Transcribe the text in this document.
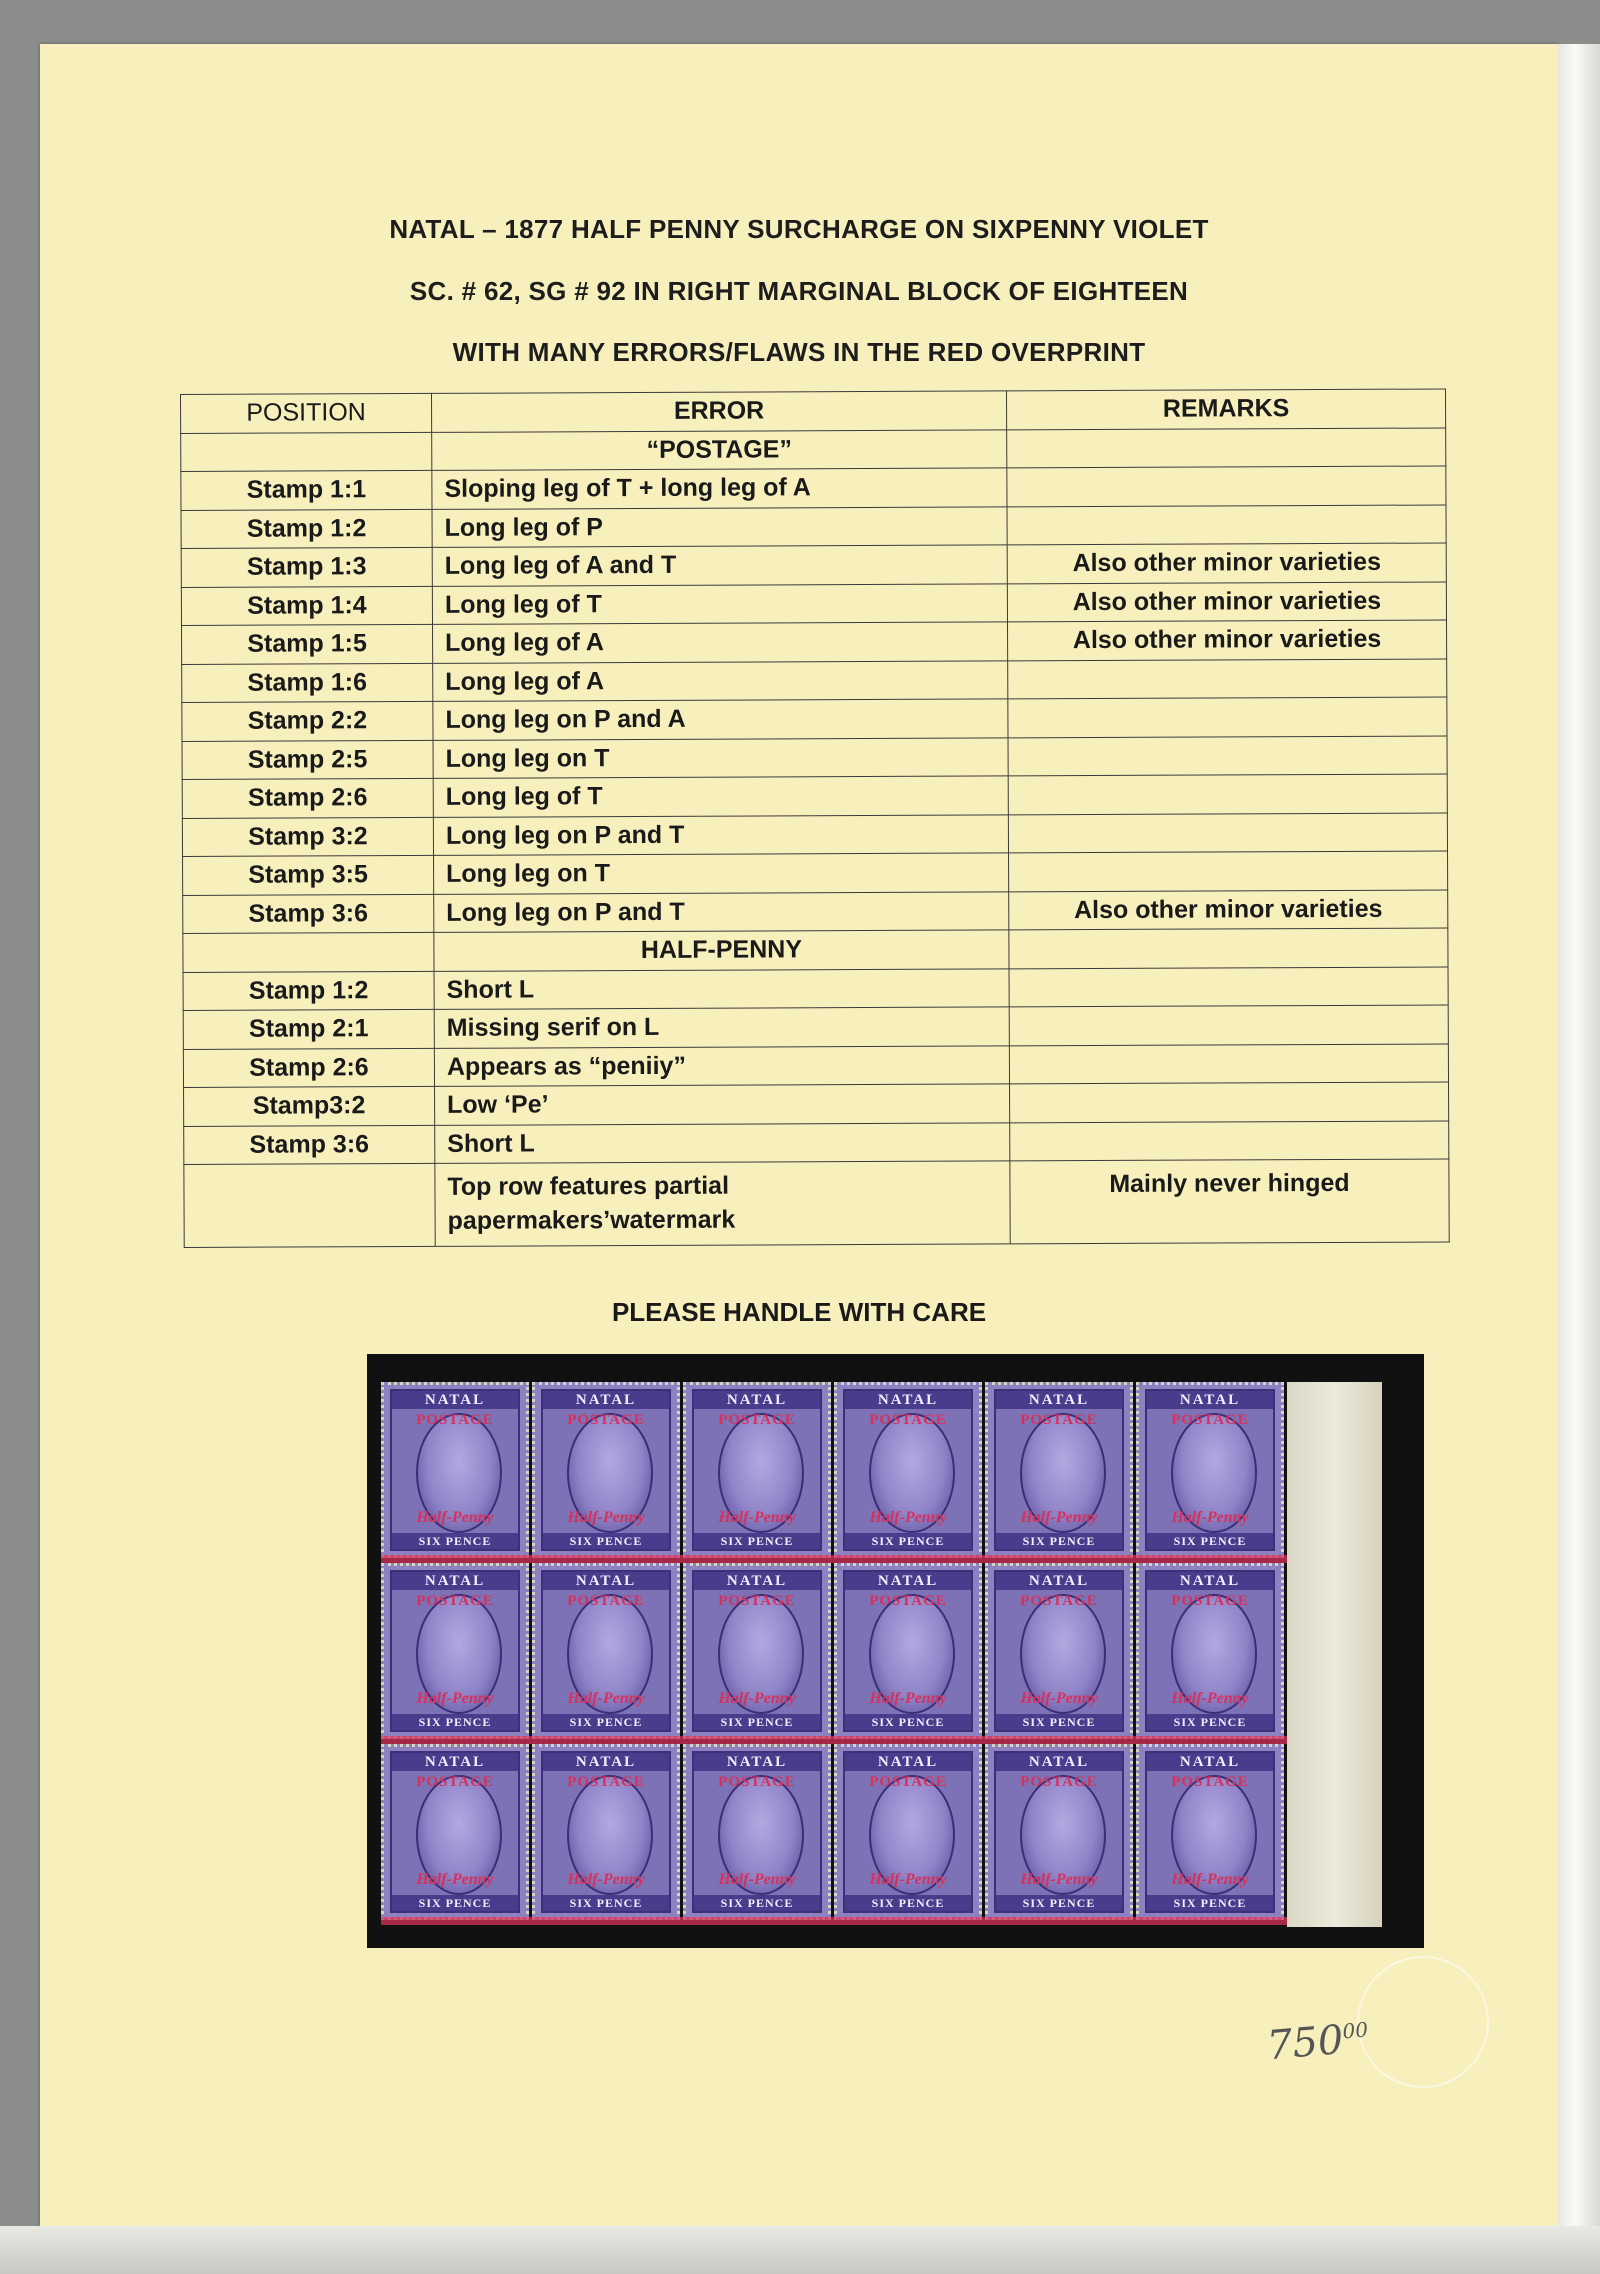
NATAL – 1877 HALF PENNY SURCHARGE ON SIXPENNY VIOLET
SC. # 62, SG # 92 IN RIGHT MARGINAL BLOCK OF EIGHTEEN
WITH MANY ERRORS/FLAWS IN THE RED OVERPRINT
POSITION	ERROR	REMARKS
	“POSTAGE”	
Stamp 1:1	Sloping leg of T + long leg of A	
Stamp 1:2	Long leg of P	
Stamp 1:3	Long leg of A and T	Also other minor varieties
Stamp 1:4	Long leg of T	Also other minor varieties
Stamp 1:5	Long leg of A	Also other minor varieties
Stamp 1:6	Long leg of A	
Stamp 2:2	Long leg on P and A	
Stamp 2:5	Long leg on T	
Stamp 2:6	Long leg of T	
Stamp 3:2	Long leg on P and T	
Stamp 3:5	Long leg on T	
Stamp 3:6	Long leg on P and T	Also other minor varieties
	HALF-PENNY	
Stamp 1:2	Short L	
Stamp 2:1	Missing serif on L	
Stamp 2:6	Appears as “peniiy”	
Stamp3:2	Low ‘Pe’	
Stamp 3:6	Short L	
	Top row features partial papermakers’watermark	Mainly never hinged
PLEASE HANDLE WITH CARE
NATAL
POSTAGE
Half-Penny
SIX PENCE
NATAL
POSTAGE
Half-Penny
SIX PENCE
NATAL
POSTAGE
Half-Penny
SIX PENCE
NATAL
POSTAGE
Half-Penny
SIX PENCE
NATAL
POSTAGE
Half-Penny
SIX PENCE
NATAL
POSTAGE
Half-Penny
SIX PENCE
NATAL
POSTAGE
Half-Penny
SIX PENCE
NATAL
POSTAGE
Half-Penny
SIX PENCE
NATAL
POSTAGE
Half-Penny
SIX PENCE
NATAL
POSTAGE
Half-Penny
SIX PENCE
NATAL
POSTAGE
Half-Penny
SIX PENCE
NATAL
POSTAGE
Half-Penny
SIX PENCE
NATAL
POSTAGE
Half-Penny
SIX PENCE
NATAL
POSTAGE
Half-Penny
SIX PENCE
NATAL
POSTAGE
Half-Penny
SIX PENCE
NATAL
POSTAGE
Half-Penny
SIX PENCE
NATAL
POSTAGE
Half-Penny
SIX PENCE
NATAL
POSTAGE
Half-Penny
SIX PENCE
$750^{00}$
